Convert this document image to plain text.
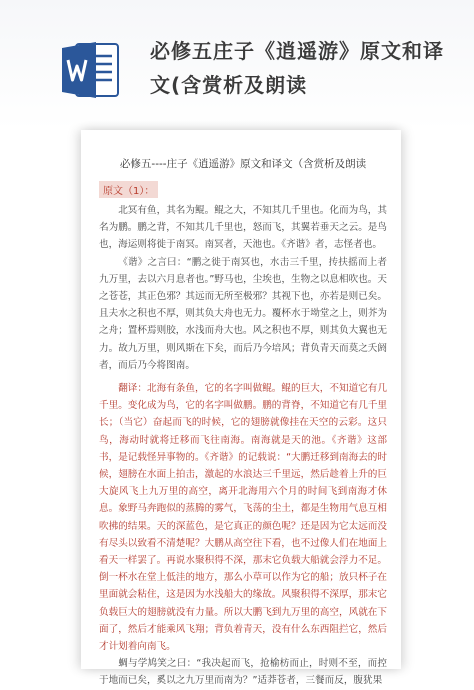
必修五庄子《逍遥游》原文和译文(含赏析及朗读

必修五----庄子《逍遥游》原文和译文（含赏析及朗读

原文（1）：

北冥有鱼，其名为鲲。鲲之大，不知其几千里也。化而为鸟，其名为鹏。鹏之背，不知其几千里也，怒而飞，其翼若垂天之云。是鸟也，海运则将徙于南冥。南冥者，天池也。《齐谐》者，志怪者也。

《谐》之言曰：“鹏之徙于南冥也，水击三千里，抟扶摇而上者九万里，去以六月息者也。”野马也，尘埃也，生物之以息相吹也。天之苍苍，其正色邪？其远而无所至极邪？其视下也，亦若是则已矣。且夫水之积也不厚，则其负大舟也无力。覆杯水于坳堂之上，则芥为之舟；置杯焉则胶，水浅而舟大也。风之积也不厚，则其负大翼也无力。故九万里，则风斯在下矣，而后乃今培风；背负青天而莫之夭阏者，而后乃今将图南。

翻译：北海有条鱼，它的名字叫做鲲。鲲的巨大，不知道它有几千里。变化成为鸟，它的名字叫做鹏。鹏的背脊，不知道它有几千里长；（当它）奋起而飞的时候，它的翅膀就像挂在天空的云彩。这只鸟，海动时就将迁移而飞往南海。南海就是天的池。《齐谐》这部书，是记载怪异事物的。《齐谐》的记载说：“大鹏迁移到南海去的时候，翅膀在水面上拍击，激起的水浪达三千里远，然后趁着上升的巨大旋风飞上九万里的高空，离开北海用六个月的时间飞到南海才休息。象野马奔跑似的蒸腾的雾气，飞荡的尘土，都是生物用气息互相吹拂的结果。天的深蓝色，是它真正的颜色呢？还是因为它太远而没有尽头以致看不清楚呢？大鹏从高空往下看，也不过像人们在地面上看天一样罢了。再说水聚积得不深，那末它负载大船就会浮力不足。倒一杯水在堂上低洼的地方，那么小草可以作为它的船；放只杯子在里面就会粘住，这是因为水浅船大的缘故。风聚积得不深厚，那末它负载巨大的翅膀就没有力量。所以大鹏飞到九万里的高空，风就在下面了，然后才能乘风飞翔；背负着青天，没有什么东西阻拦它，然后才计划着向南飞。

蜩与学鸠笑之曰：“我决起而飞，抢榆枋而止，时则不至，而控于地而已矣，奚以之九万里而南为？”适莽苍者，三餐而反，腹犹果
